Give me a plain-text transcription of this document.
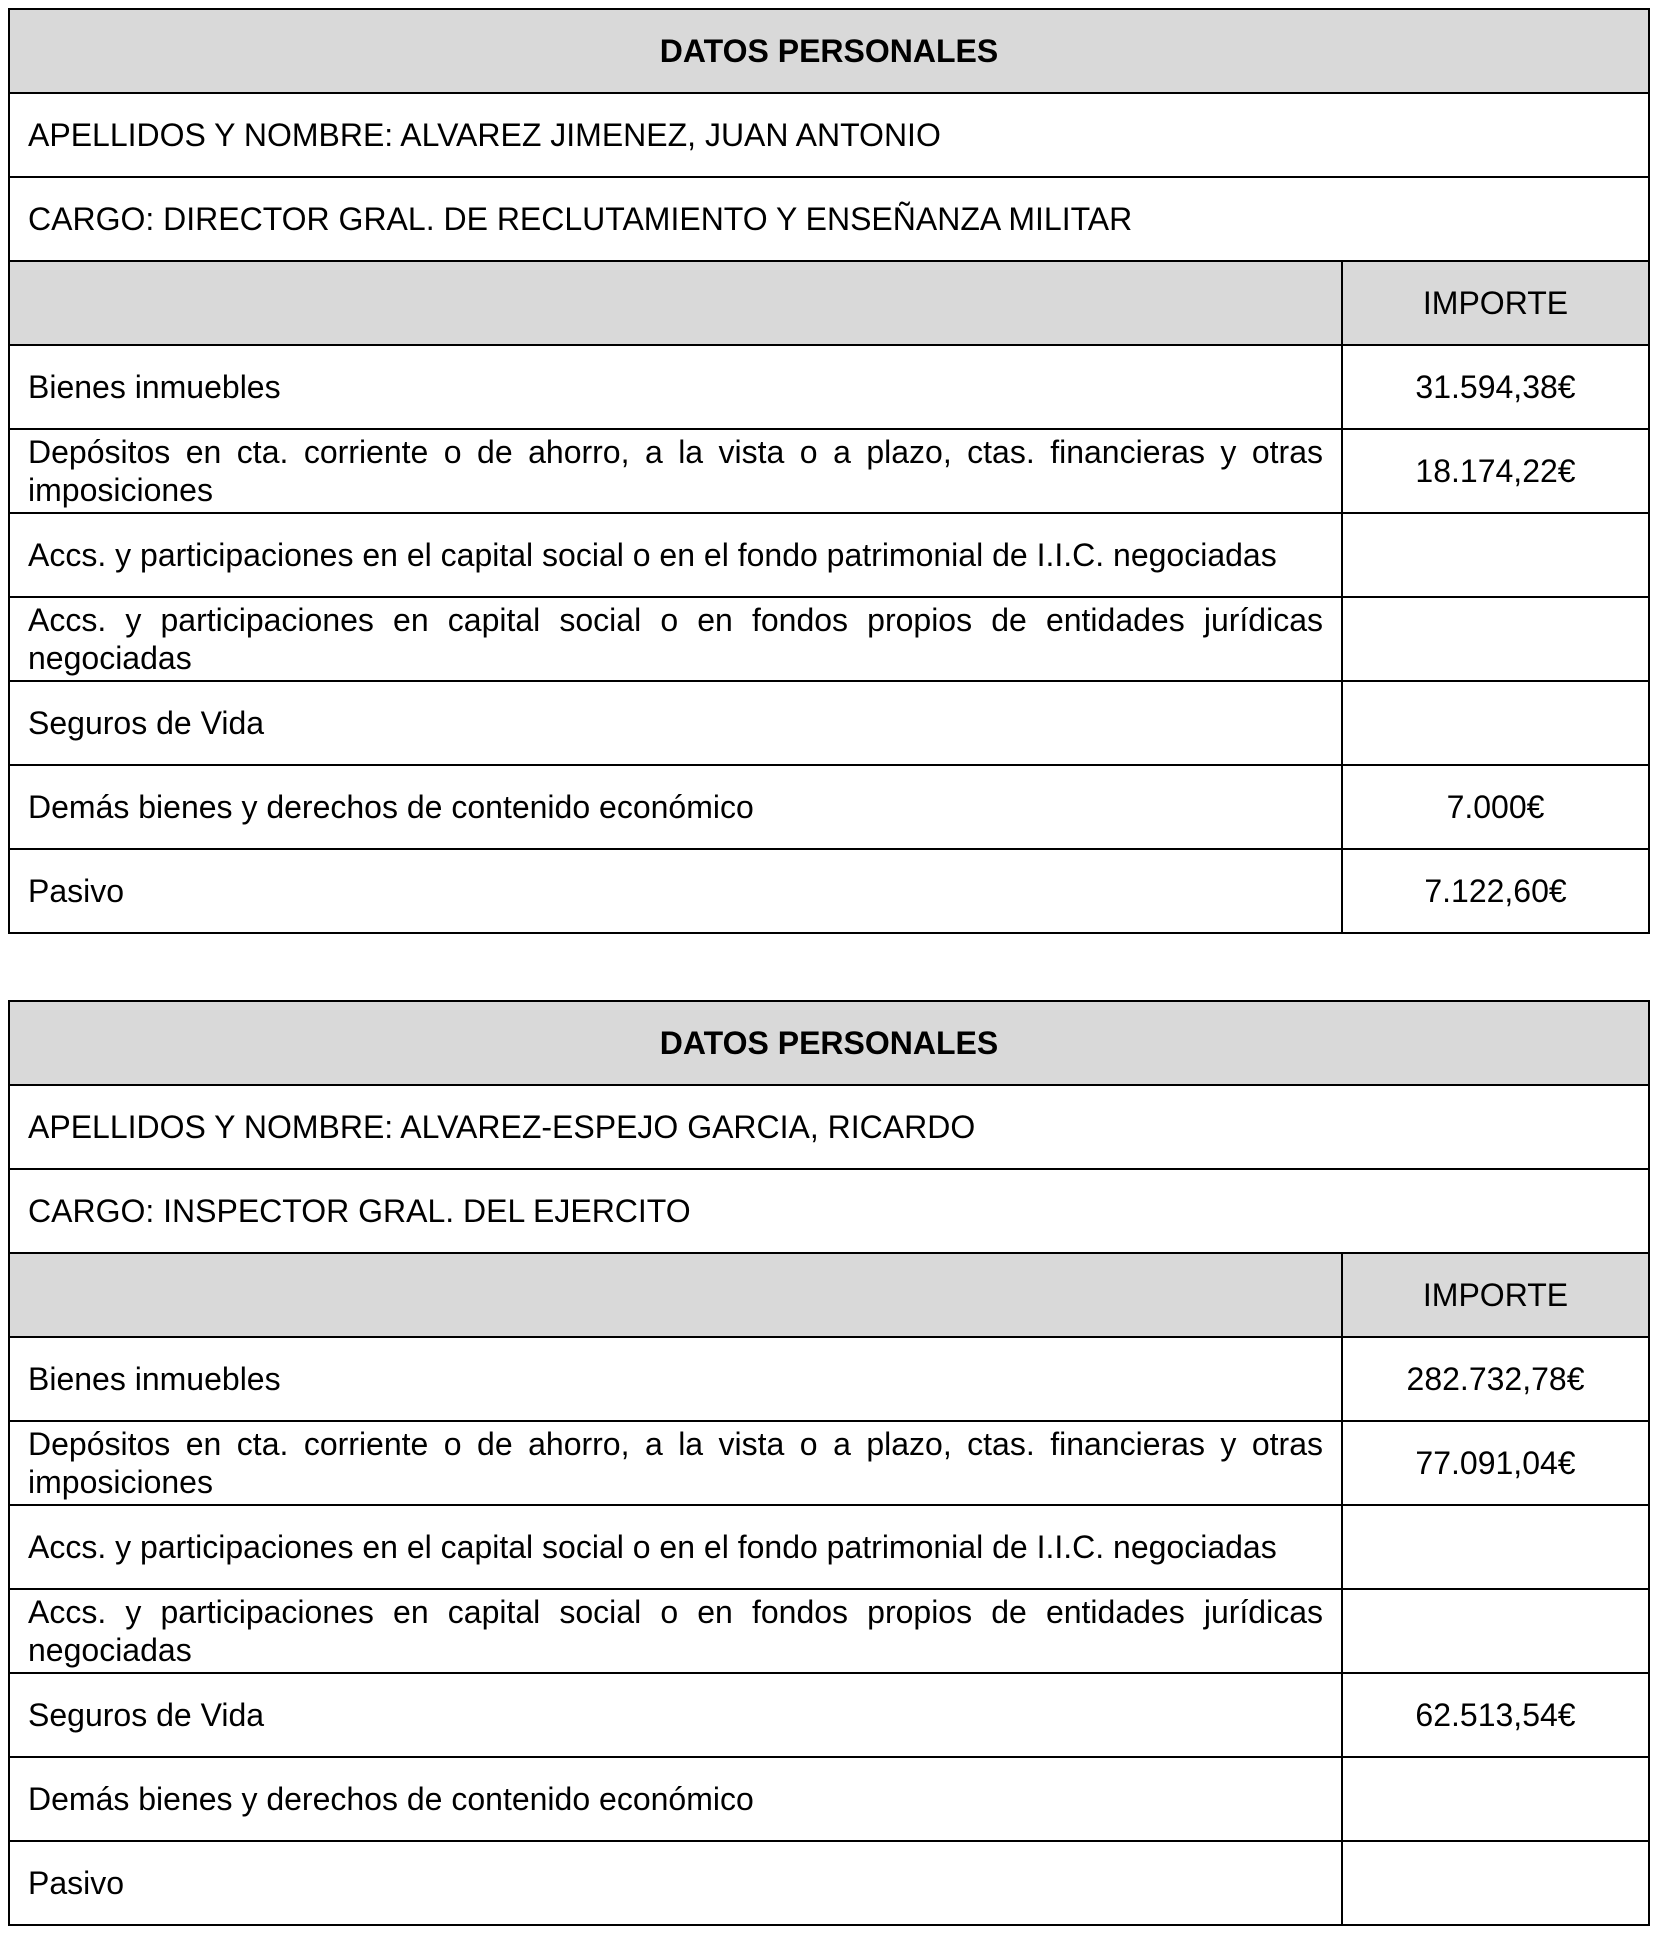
DATOS PERSONALES	
APELLIDOS Y NOMBRE: ALVAREZ JIMENEZ, JUAN ANTONIO	
CARGO: DIRECTOR GRAL. DE RECLUTAMIENTO Y ENSEÑANZA MILITAR	
	IMPORTE
Bienes inmuebles	31.594,38€
Depósitos en cta. corriente o de ahorro, a la vista o a plazo, ctas. financieras y otras imposiciones	18.174,22€
Accs. y participaciones en el capital social o en el fondo patrimonial de I.I.C. negociadas	
Accs. y participaciones en capital social o en fondos propios de entidades jurídicas negociadas	
Seguros de Vida	
Demás bienes y derechos de contenido económico	7.000€
Pasivo	7.122,60€
DATOS PERSONALES	
APELLIDOS Y NOMBRE: ALVAREZ-ESPEJO GARCIA, RICARDO	
CARGO: INSPECTOR GRAL. DEL EJERCITO	
	IMPORTE
Bienes inmuebles	282.732,78€
Depósitos en cta. corriente o de ahorro, a la vista o a plazo, ctas. financieras y otras imposiciones	77.091,04€
Accs. y participaciones en el capital social o en el fondo patrimonial de I.I.C. negociadas	
Accs. y participaciones en capital social o en fondos propios de entidades jurídicas negociadas	
Seguros de Vida	62.513,54€
Demás bienes y derechos de contenido económico	
Pasivo	
